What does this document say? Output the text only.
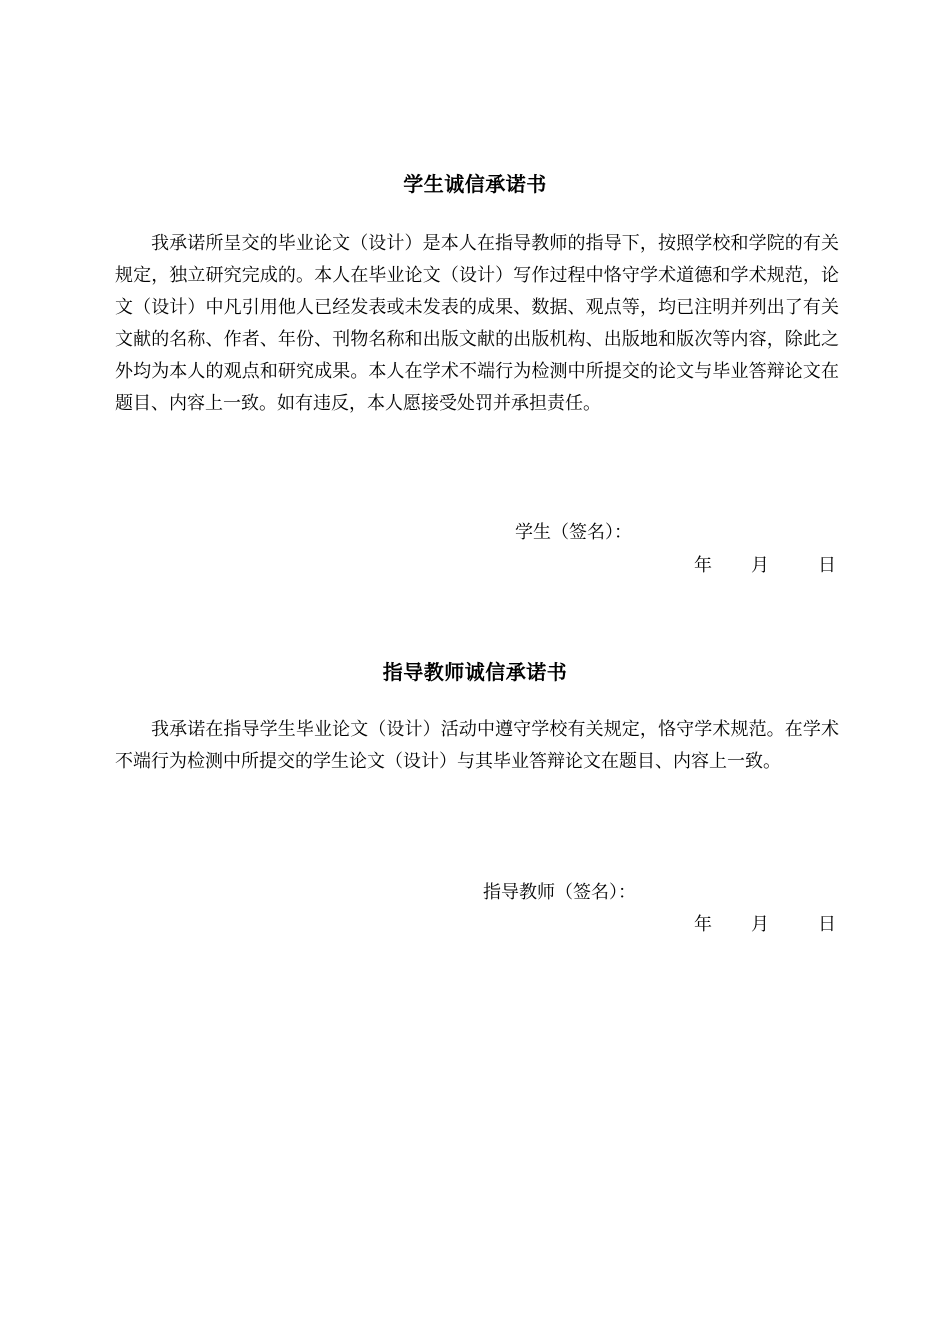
学生诚信承诺书
我承诺所呈交的毕业论文（设计）是本人在指导教师的指导下，按照学校和学院的有关规定，独立研究完成的。本人在毕业论文（设计）写作过程中恪守学术道德和学术规范，论文（设计）中凡引用他人已经发表或未发表的成果、数据、观点等，均已注明并列出了有关文献的名称、作者、年份、刊物名称和出版文献的出版机构、出版地和版次等内容，除此之外均为本人的观点和研究成果。本人在学术不端行为检测中所提交的论文与毕业答辩论文在题目、内容上一致。如有违反，本人愿接受处罚并承担责任。
学生（签名）：
年 月	日
指导教师诚信承诺书
我承诺在指导学生毕业论文（设计）活动中遵守学校有关规定，恪守学术规范。在学术不端行为检测中所提交的学生论文（设计）与其毕业答辩论文在题目、内容上一致。
指导教师（签名）：
年 月	日
